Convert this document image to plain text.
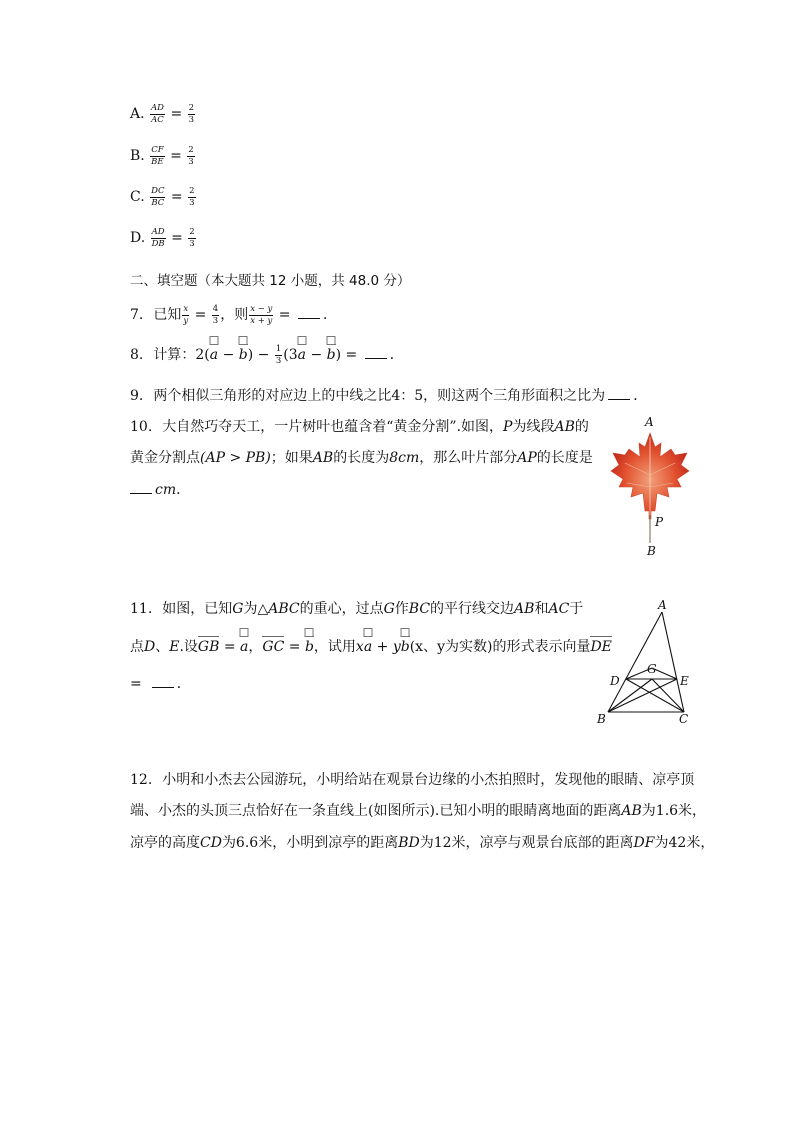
A. $\frac{AD}{AC} = \frac{2}{3}$
B. $\frac{CF}{BE} = \frac{2}{3}$
C. $\frac{DC}{BC} = \frac{2}{3}$
D. $\frac{AD}{DB} = \frac{2}{3}$
二、填空题（本大题共 12 小题，共 48.0 分）
7. 已知 $\frac{x}{y} = \frac{4}{3}$ ，则 $\frac{x - y}{x + y}$ = ．
8. 计算：2(
$a - b) - \frac{1}{3} (3$
a − b) = ．
9. 两个相似三角形的对应边上的中线之比4：5，则这两个三角形面积之比为 ．
10. 大自然巧夺天工，一片树叶也蕴含着“黄金分割”.如图，P为线段AB的
黄金分割点(AP > PB)；如果AB的长度为8cm，那么叶片部分AP的长度是
cm．
A
P
B
11. 如图，已知G为△ABC的重心，过点G作BC的平行线交边AB和AC于
点D、E.设GB =
a，GC =
b，试用x
a + y
b(x、y为实数)的形式表示向量DE
=	．
A
G
D	E
B	C
12. 小明和小杰去公园游玩，小明给站在观景台边缘的小杰拍照时，发现他的眼睛、凉亭顶
端、小杰的头顶三点恰好在一条直线上(如图所示).已知小明的眼睛离地面的距离AB为1.6米，
凉亭的高度CD为6.6米，小明到凉亭的距离BD为12米，凉亭与观景台底部的距离DF为42米，
